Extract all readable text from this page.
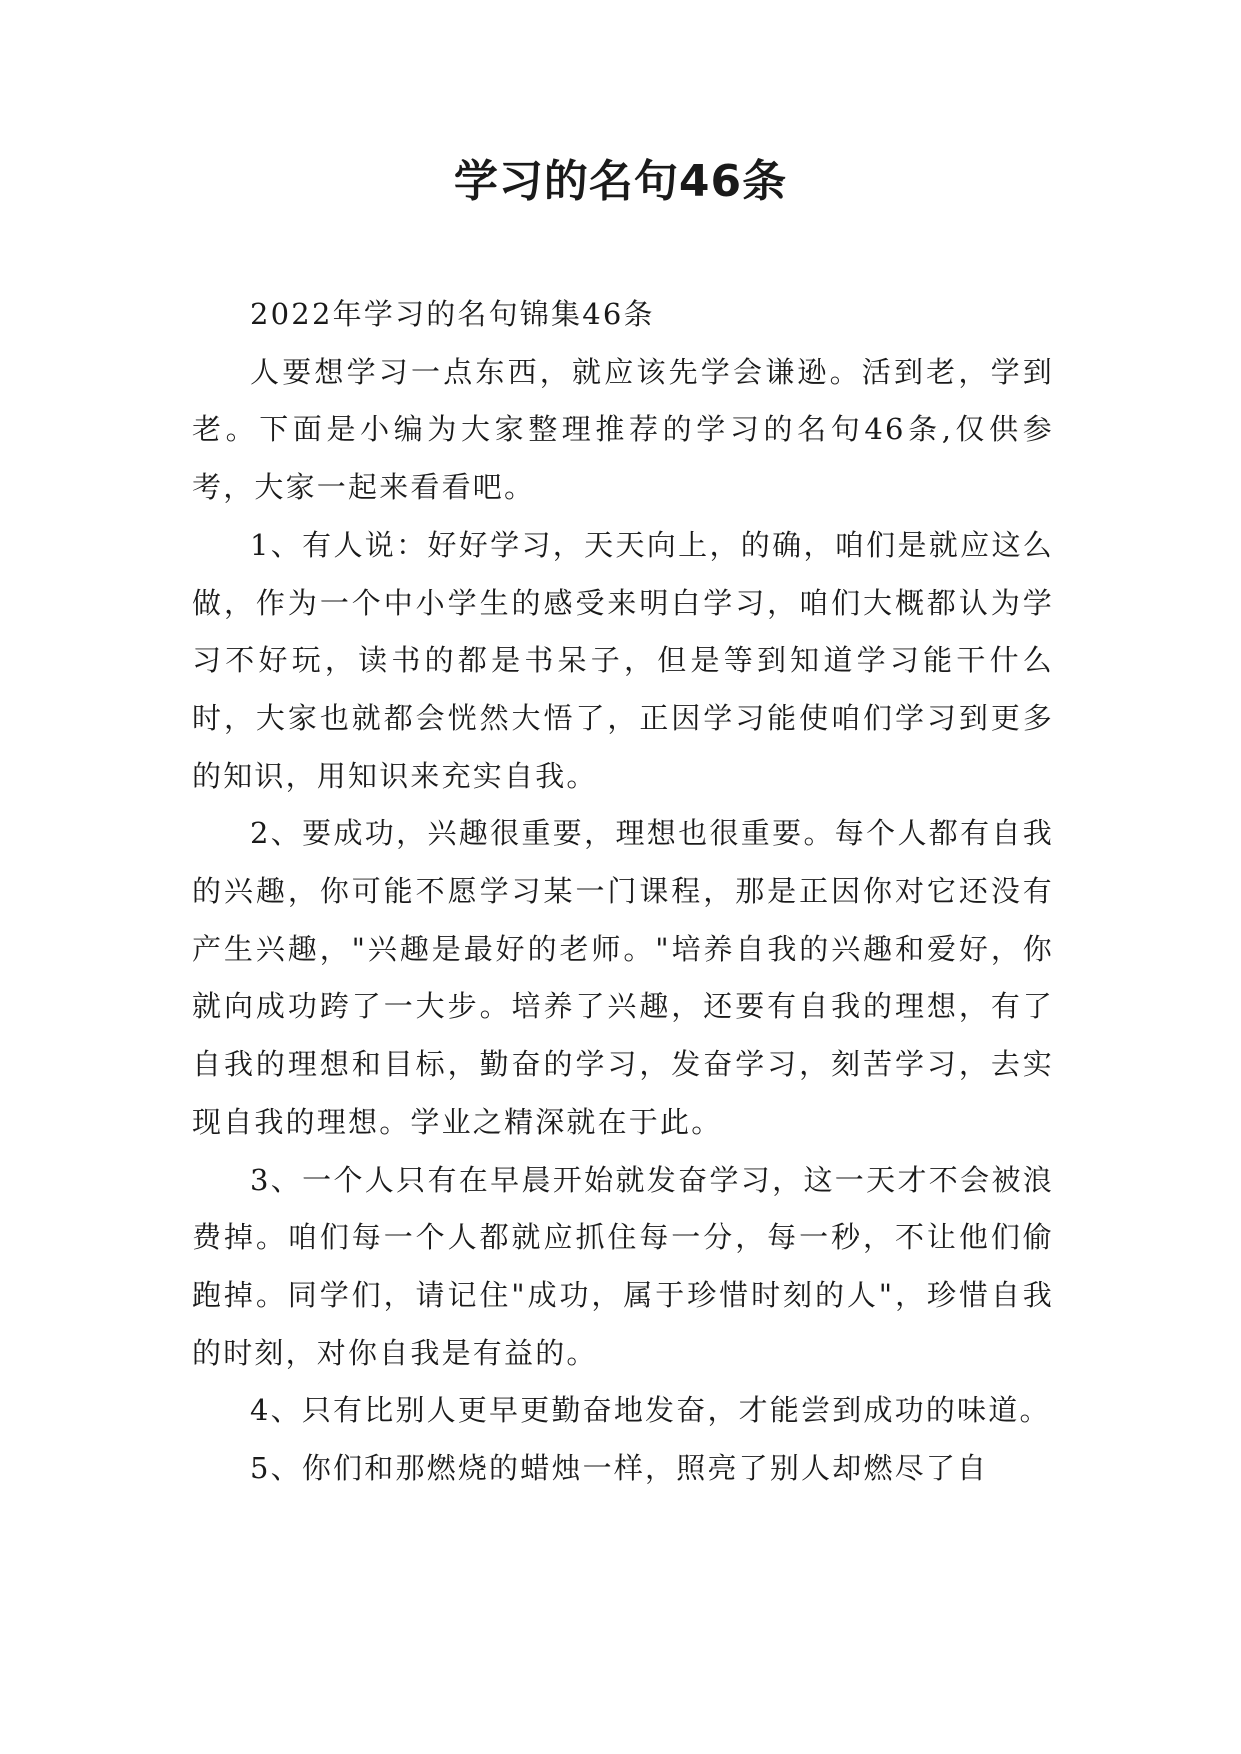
学习的名句46条

2022年学习的名句锦集46条

人要想学习一点东西，就应该先学会谦逊。活到老，学到老。下面是小编为大家整理推荐的学习的名句46条,仅供参考，大家一起来看看吧。

1、有人说：好好学习，天天向上，的确，咱们是就应这么做，作为一个中小学生的感受来明白学习，咱们大概都认为学习不好玩，读书的都是书呆子，但是等到知道学习能干什么时，大家也就都会恍然大悟了，正因学习能使咱们学习到更多的知识，用知识来充实自我。

2、要成功，兴趣很重要，理想也很重要。每个人都有自我的兴趣，你可能不愿学习某一门课程，那是正因你对它还没有产生兴趣，"兴趣是最好的老师。"培养自我的兴趣和爱好，你就向成功跨了一大步。培养了兴趣，还要有自我的理想，有了自我的理想和目标，勤奋的学习，发奋学习，刻苦学习，去实现自我的理想。学业之精深就在于此。

3、一个人只有在早晨开始就发奋学习，这一天才不会被浪费掉。咱们每一个人都就应抓住每一分，每一秒，不让他们偷跑掉。同学们，请记住"成功，属于珍惜时刻的人"，珍惜自我的时刻，对你自我是有益的。

4、只有比别人更早更勤奋地发奋，才能尝到成功的味道。

5、你们和那燃烧的蜡烛一样，照亮了别人却燃尽了自
